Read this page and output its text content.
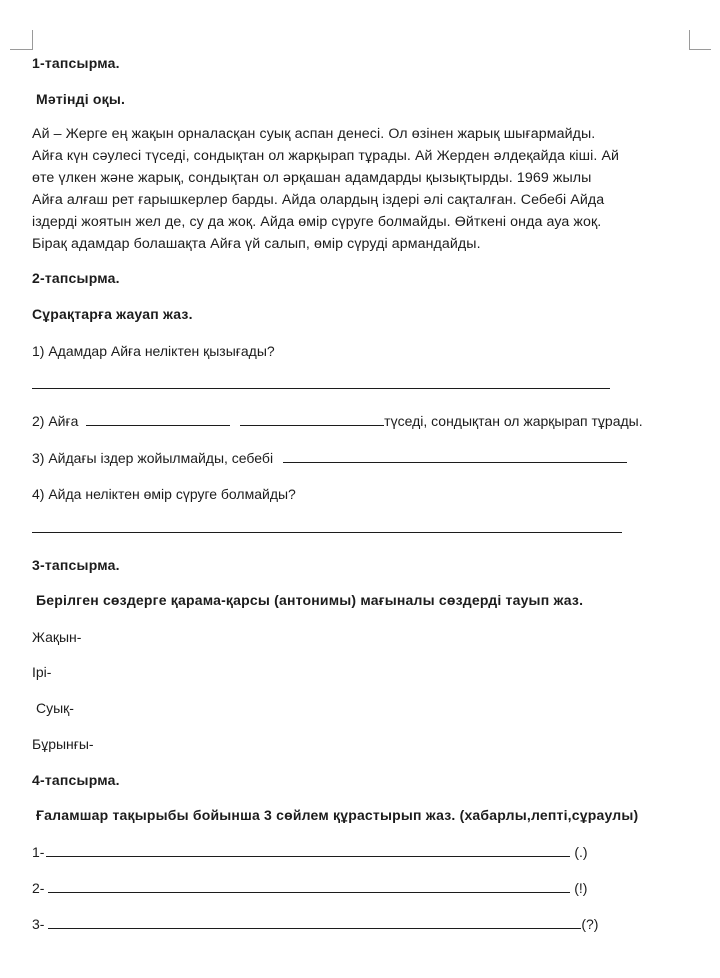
1-тапсырма.
Мәтінді оқы.
Ай – Жерге ең жақын орналасқан суық аспан денесі. Ол өзінен жарық шығармайды.
Айға күн сәулесі түседі, сондықтан ол жарқырап тұрады. Ай Жерден әлдеқайда кіші. Ай
өте үлкен және жарық, сондықтан ол әрқашан адамдарды қызықтырды. 1969 жылы
Айға алғаш рет ғарышкерлер барды. Айда олардың іздері әлі сақталған. Себебі Айда
іздерді жоятын жел де, су да жоқ. Айда өмір сүруге болмайды. Өйткені онда ауа жоқ.
Бірақ адамдар болашақта Айға үй салып, өмір сүруді армандайды.
2-тапсырма.
Сұрақтарға жауап жаз.
1) Адамдар Айға неліктен қызығады?
2) Айға	түседі, сондықтан ол жарқырап тұрады.
3) Айдағы іздер жойылмайды, себебі
4) Айда неліктен өмір сүруге болмайды?
3-тапсырма.
Берілген сөздерге қарама-қарсы (антонимы) мағыналы сөздерді тауып жаз.
Жақын-
Ірі-
Суық-
Бұрынғы-
4-тапсырма.
Ғаламшар тақырыбы бойынша 3 сөйлем құрастырып жаз. (хабарлы,лепті,сұраулы)
1-	(.)
2-	(!)
3-	(?)
